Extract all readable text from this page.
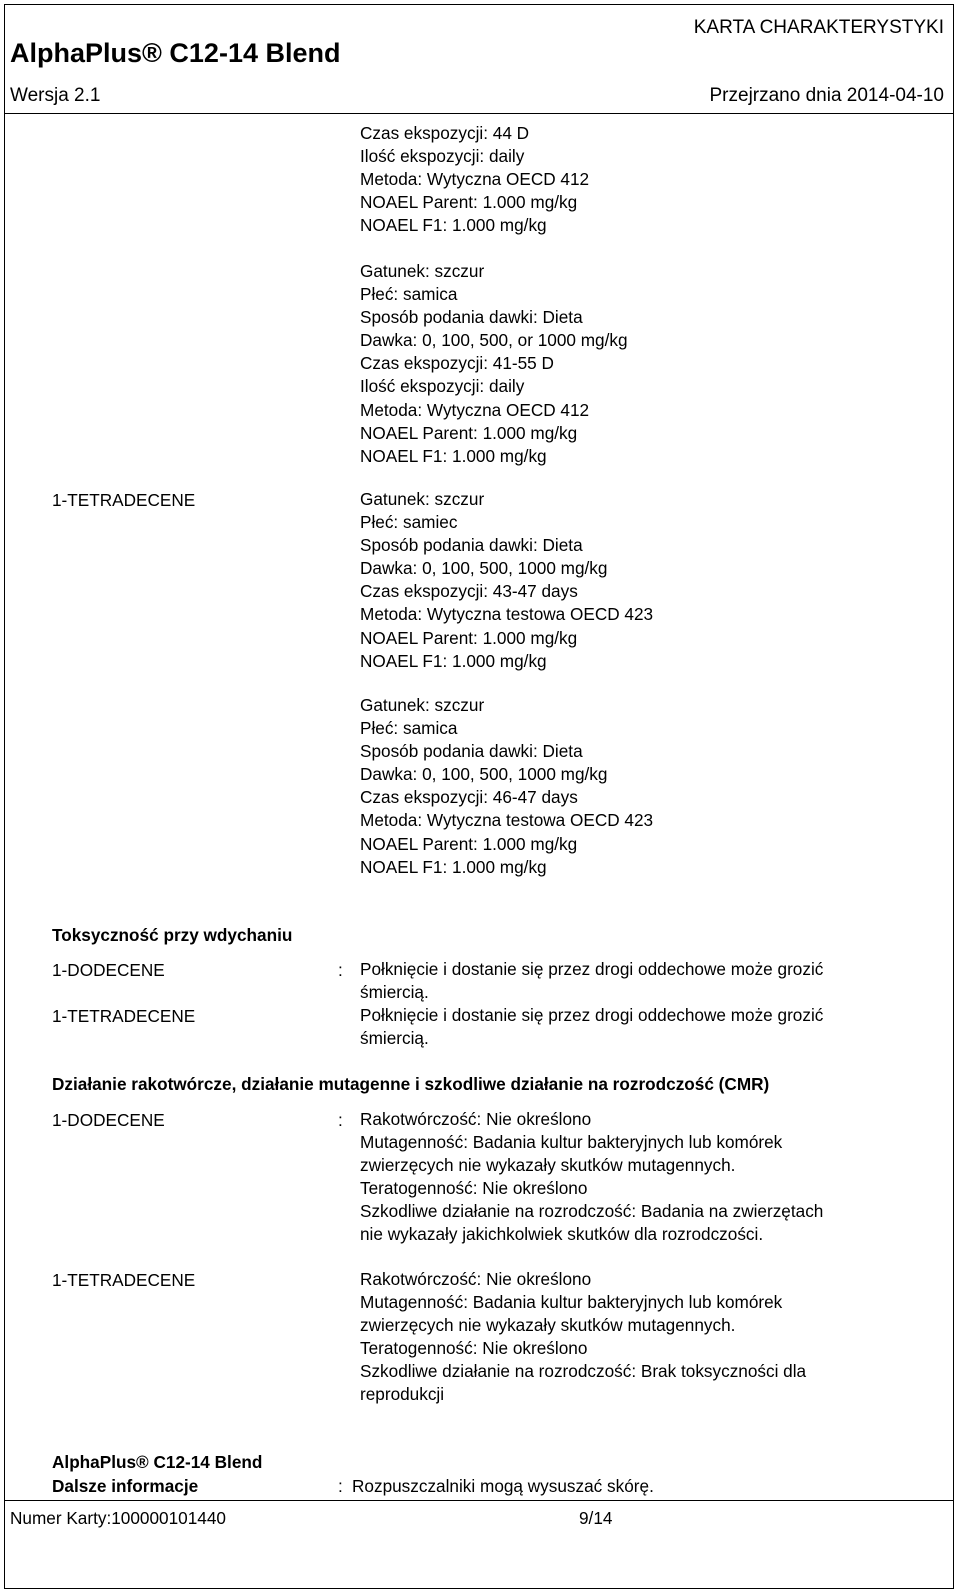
KARTA CHARAKTERYSTYKI
AlphaPlus® C12-14 Blend
Wersja 2.1	Przejrzano dnia 2014-04-10
Czas ekspozycji: 44 D
Ilość ekspozycji: daily
Metoda: Wytyczna OECD 412
NOAEL Parent: 1.000 mg/kg
NOAEL F1: 1.000 mg/kg
Gatunek: szczur
Płeć: samica
Sposób podania dawki: Dieta
Dawka: 0, 100, 500, or 1000 mg/kg
Czas ekspozycji: 41-55 D
Ilość ekspozycji: daily
Metoda: Wytyczna OECD 412
NOAEL Parent: 1.000 mg/kg
NOAEL F1: 1.000 mg/kg
1-TETRADECENE	Gatunek: szczur
Płeć: samiec
Sposób podania dawki: Dieta
Dawka: 0, 100, 500, 1000 mg/kg
Czas ekspozycji: 43-47 days
Metoda: Wytyczna testowa OECD 423
NOAEL Parent: 1.000 mg/kg
NOAEL F1: 1.000 mg/kg
Gatunek: szczur
Płeć: samica
Sposób podania dawki: Dieta
Dawka: 0, 100, 500, 1000 mg/kg
Czas ekspozycji: 46-47 days
Metoda: Wytyczna testowa OECD 423
NOAEL Parent: 1.000 mg/kg
NOAEL F1: 1.000 mg/kg
Toksyczność przy wdychaniu
1-DODECENE	: Połknięcie i dostanie się przez drogi oddechowe może grozić
śmiercią.
1-TETRADECENE	Połknięcie i dostanie się przez drogi oddechowe może grozić
śmiercią.
Działanie rakotwórcze, działanie mutagenne i szkodliwe działanie na rozrodczość (CMR)
1-DODECENE	: Rakotwórczość: Nie określono
Mutagenność: Badania kultur bakteryjnych lub komórek
zwierzęcych nie wykazały skutków mutagennych.
Teratogenność: Nie określono
Szkodliwe działanie na rozrodczość: Badania na zwierzętach
nie wykazały jakichkolwiek skutków dla rozrodczości.
1-TETRADECENE	Rakotwórczość: Nie określono
Mutagenność: Badania kultur bakteryjnych lub komórek
zwierzęcych nie wykazały skutków mutagennych.
Teratogenność: Nie określono
Szkodliwe działanie na rozrodczość: Brak toksyczności dla
reprodukcji
AlphaPlus® C12-14 Blend
Dalsze informacje	: Rozpuszczalniki mogą wysuszać skórę.
Numer Karty:100000101440	9/14
